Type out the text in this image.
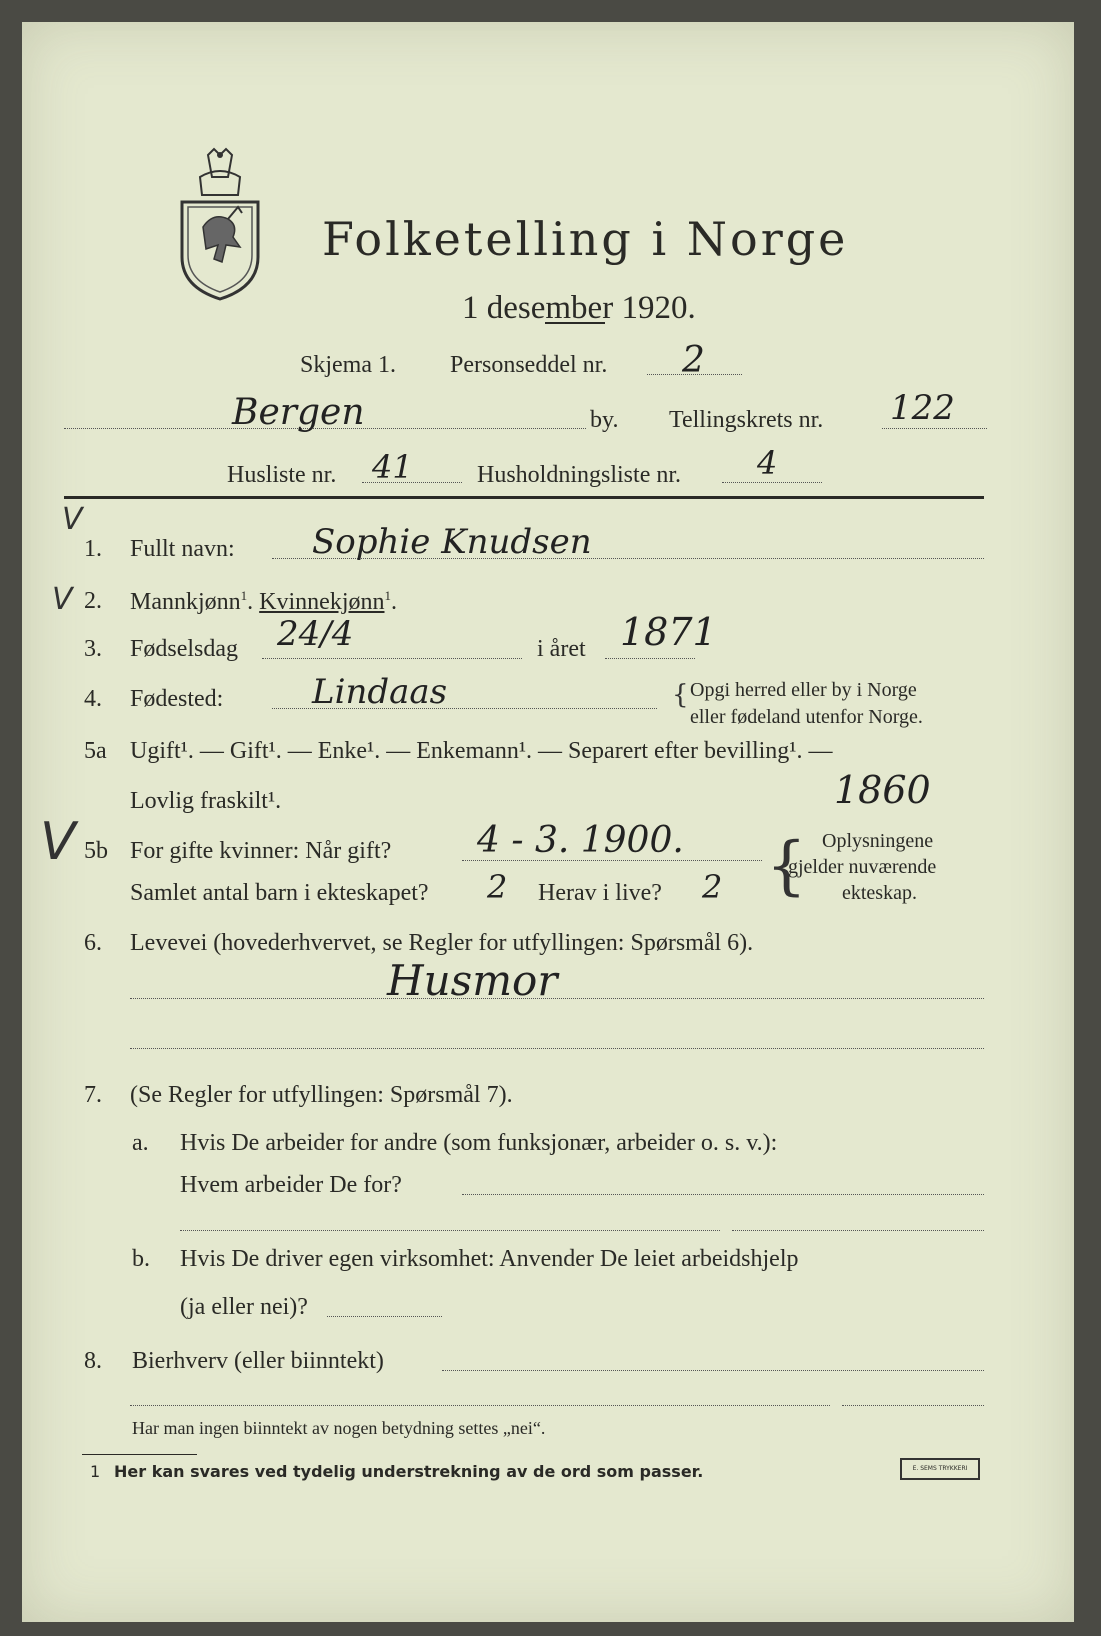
Folketelling i Norge
1 desember 1920.
Skjema 1. Personseddel nr. 2
Bergen	by. Tellingskrets nr. 122
Husliste nr. 41	Husholdningsliste nr. 4
V
V
V
1. Fullt navn: Sophie Knudsen
2. Mannkjønn$^1$. Kvinnekjønn$^1$.
3. Fødselsdag 24/4	i året 1871
4. Fødested:	Lindaas	{ Opgi herred eller by i Norge
eller fødeland utenfor Norge.
5a Ugift¹. — Gift¹. — Enke¹. — Enkemann¹. — Separert efter bevilling¹. —
Lovlig fraskilt¹.	1860
5b For gifte kvinner: Når gift? 4 - 3. 1900.
Samlet antal barn i ekteskapet? 2 Herav i live? 2 { Oplysningene
gjelder nuværende
ekteskap.
6. Levevei (hovederhvervet, se Regler for utfyllingen: Spørsmål 6).
Husmor
7. (Se Regler for utfyllingen: Spørsmål 7).
a. Hvis De arbeider for andre (som funksjonær, arbeider o. s. v.):
Hvem arbeider De for?
b. Hvis De driver egen virksomhet: Anvender De leiet arbeidshjelp
(ja eller nei)?
8. Bierhverv (eller biinntekt)
Har man ingen biinntekt av nogen betydning settes „nei“.
1 Her kan svares ved tydelig understrekning av de ord som passer.	E. SEMS TRYKKERI
